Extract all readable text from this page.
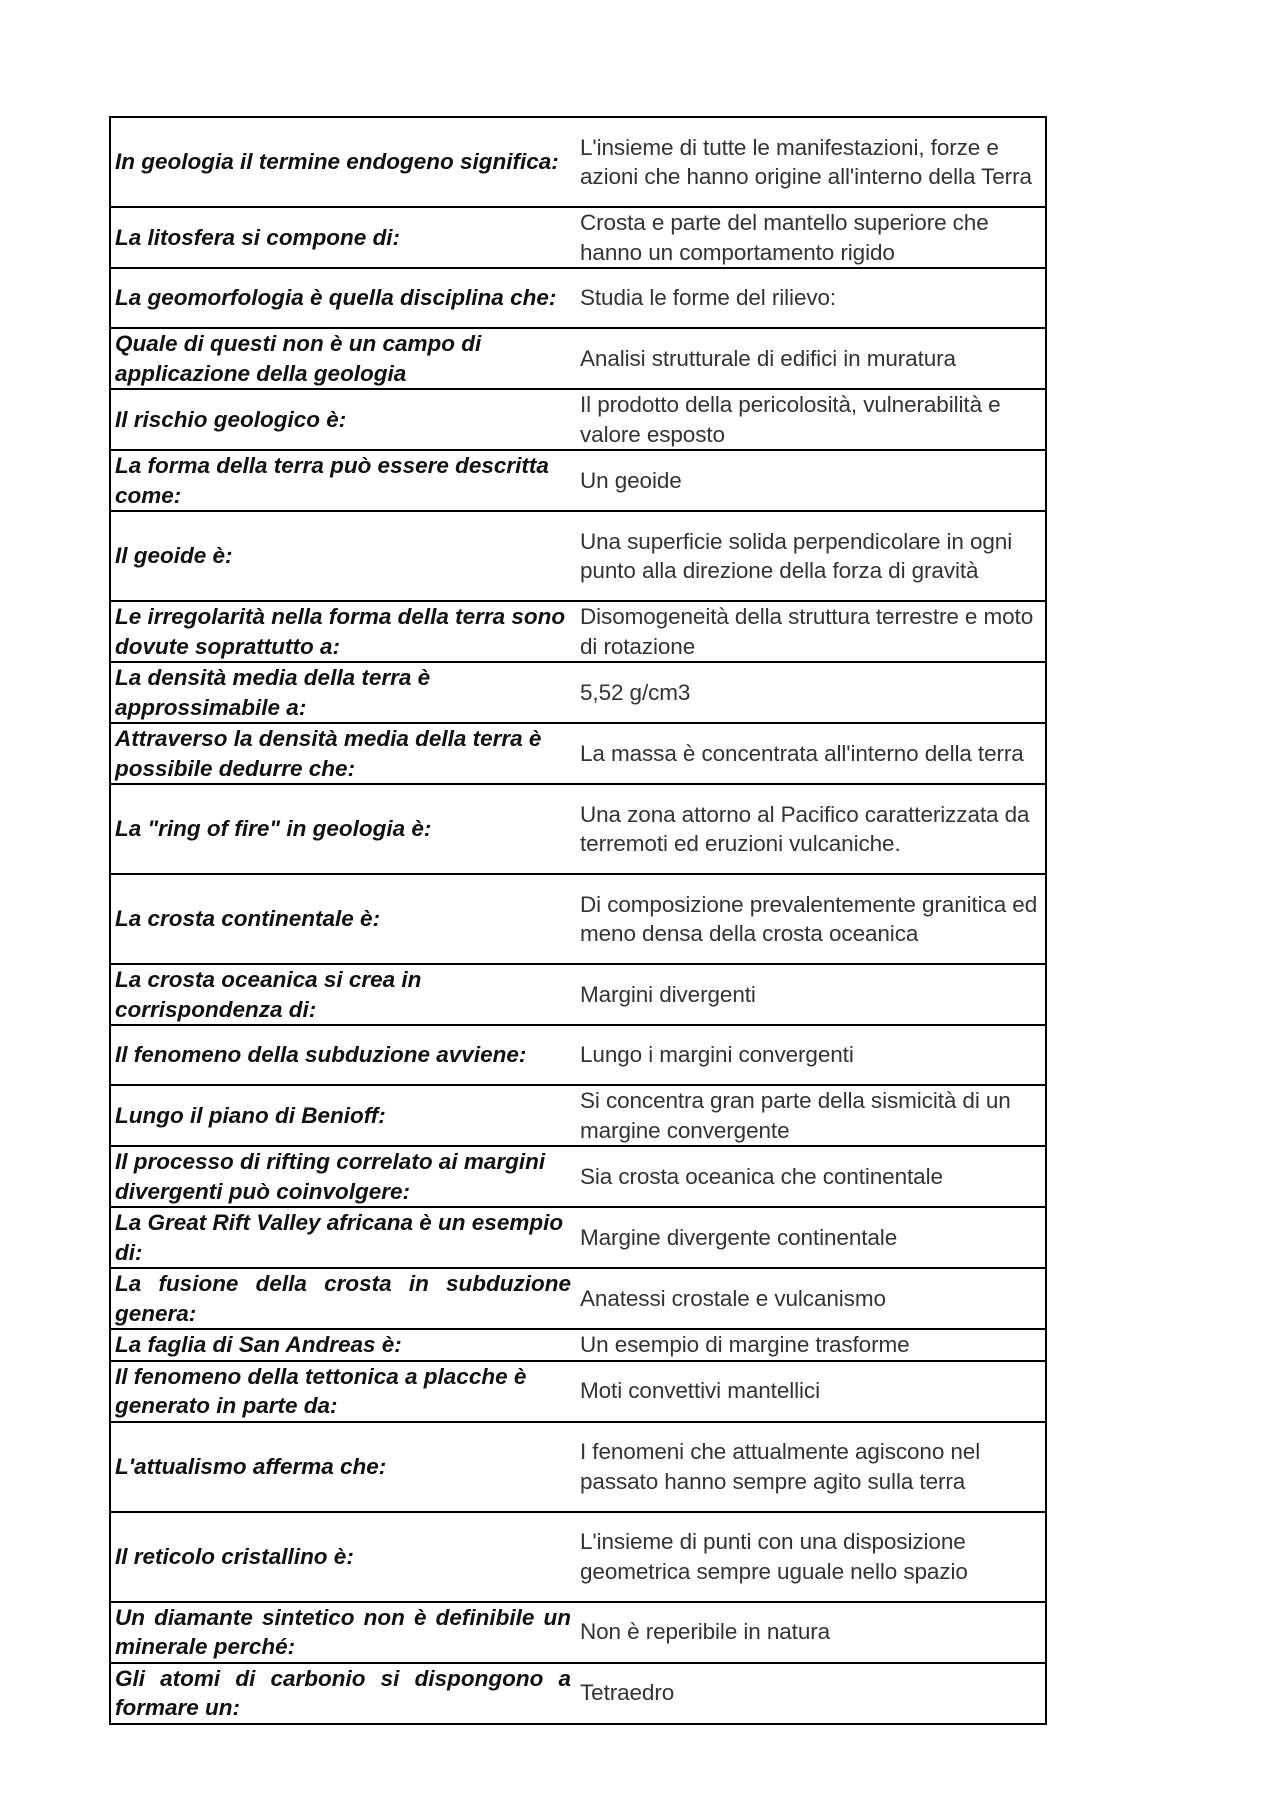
In geologia il termine endogeno significa:	L'insieme di tutte le manifestazioni, forze e azioni che hanno origine all'interno della Terra
La litosfera si compone di:	Crosta e parte del mantello superiore che hanno un comportamento rigido
La geomorfologia è quella disciplina che:	Studia le forme del rilievo:
Quale di questi non è un campo di applicazione della geologia	Analisi strutturale di edifici in muratura
Il rischio geologico è:	Il prodotto della pericolosità, vulnerabilità e valore esposto
La forma della terra può essere descritta come:	Un geoide
Il geoide è:	Una superficie solida perpendicolare in ogni punto alla direzione della forza di gravità
Le irregolarità nella forma della terra sono dovute soprattutto a:	Disomogeneità della struttura terrestre e moto di rotazione
La densità media della terra è approssimabile a:	5,52 g/cm3
Attraverso la densità media della terra è possibile dedurre che:	La massa è concentrata all'interno della terra
La "ring of fire" in geologia è:	Una zona attorno al Pacifico caratterizzata da terremoti ed eruzioni vulcaniche.
La crosta continentale è:	Di composizione prevalentemente granitica ed meno densa della crosta oceanica
La crosta oceanica si crea in corrispondenza di:	Margini divergenti
Il fenomeno della subduzione avviene:	Lungo i margini convergenti
Lungo il piano di Benioff:	Si concentra gran parte della sismicità di un margine convergente
Il processo di rifting correlato ai margini divergenti può coinvolgere:	Sia crosta oceanica che continentale
La Great Rift Valley africana è un esempio di:	Margine divergente continentale
La fusione della crosta in subduzione genera:	Anatessi crostale e vulcanismo
La faglia di San Andreas è:	Un esempio di margine trasforme
Il fenomeno della tettonica a placche è generato in parte da:	Moti convettivi mantellici
L'attualismo afferma che:	I fenomeni che attualmente agiscono nel passato hanno sempre agito sulla terra
Il reticolo cristallino è:	L'insieme di punti con una disposizione geometrica sempre uguale nello spazio
Un diamante sintetico non è definibile un minerale perché:	Non è reperibile in natura
Gli atomi di carbonio si dispongono a formare un:	Tetraedro
